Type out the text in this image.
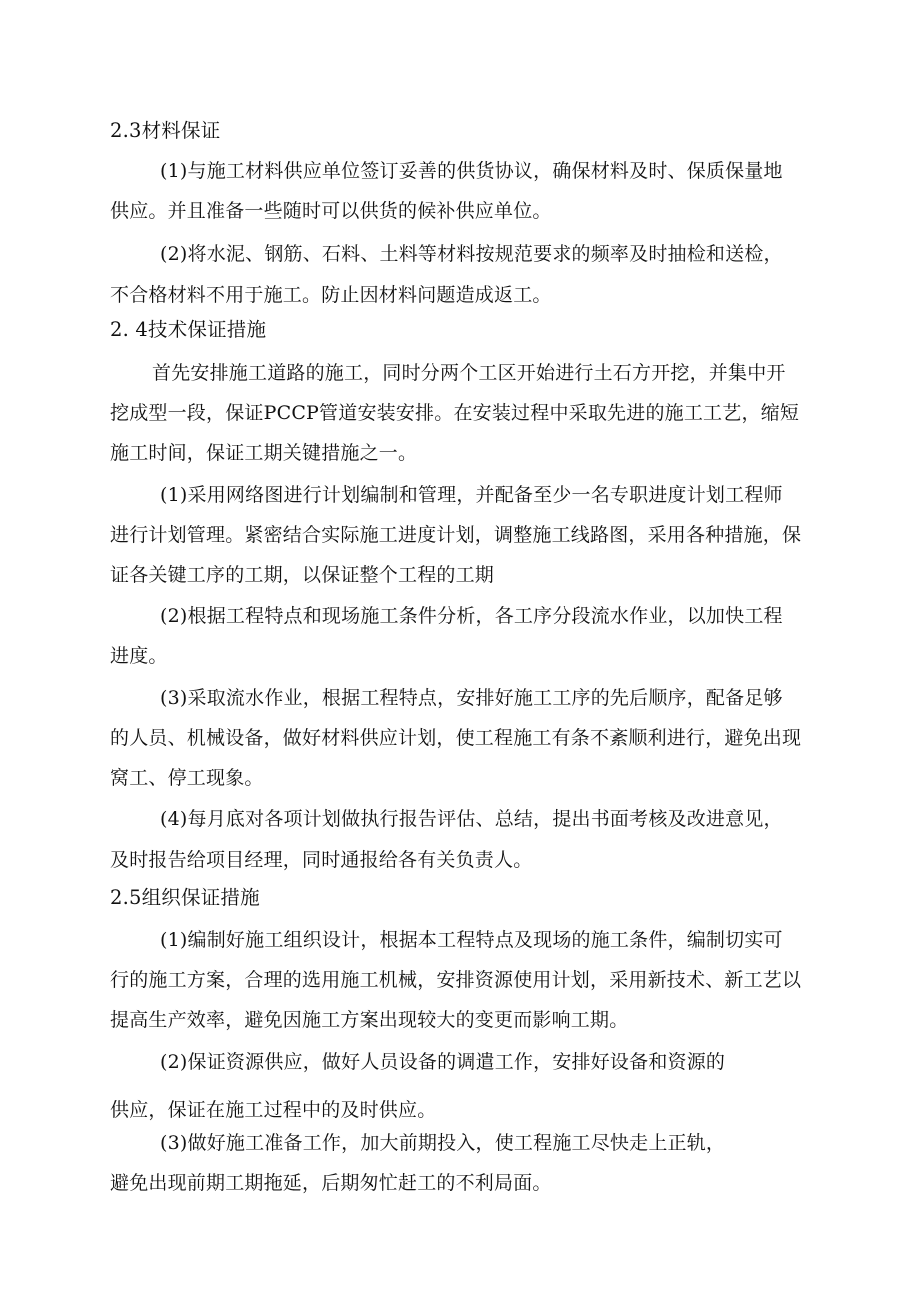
2.3材料保证
(1)与施工材料供应单位签订妥善的供货协议，确保材料及时、保质保量地
供应。并且准备一些随时可以供货的候补供应单位。
(2)将水泥、钢筋、石料、土料等材料按规范要求的频率及时抽检和送检，
不合格材料不用于施工。防止因材料问题造成返工。
2. 4技术保证措施
首先安排施工道路的施工，同时分两个工区开始进行土石方开挖，并集中开
挖成型一段，保证PCCP管道安装安排。在安装过程中采取先进的施工工艺，缩短
施工时间，保证工期关键措施之一。
(1)采用网络图进行计划编制和管理，并配备至少一名专职进度计划工程师
进行计划管理。紧密结合实际施工进度计划，调整施工线路图，采用各种措施，保
证各关键工序的工期，以保证整个工程的工期
(2)根据工程特点和现场施工条件分析，各工序分段流水作业，以加快工程
进度。
(3)采取流水作业，根据工程特点，安排好施工工序的先后顺序，配备足够
的人员、机械设备，做好材料供应计划，使工程施工有条不紊顺利进行，避免出现
窝工、停工现象。
(4)每月底对各项计划做执行报告评估、总结，提出书面考核及改进意见，
及时报告给项目经理，同时通报给各有关负责人。
2.5组织保证措施
(1)编制好施工组织设计，根据本工程特点及现场的施工条件，编制切实可
行的施工方案，合理的选用施工机械，安排资源使用计划，采用新技术、新工艺以
提高生产效率，避免因施工方案出现较大的变更而影响工期。
(2)保证资源供应，做好人员设备的调遣工作，安排好设备和资源的
供应，保证在施工过程中的及时供应。
(3)做好施工准备工作，加大前期投入，使工程施工尽快走上正轨，
避免出现前期工期拖延，后期匆忙赶工的不利局面。
